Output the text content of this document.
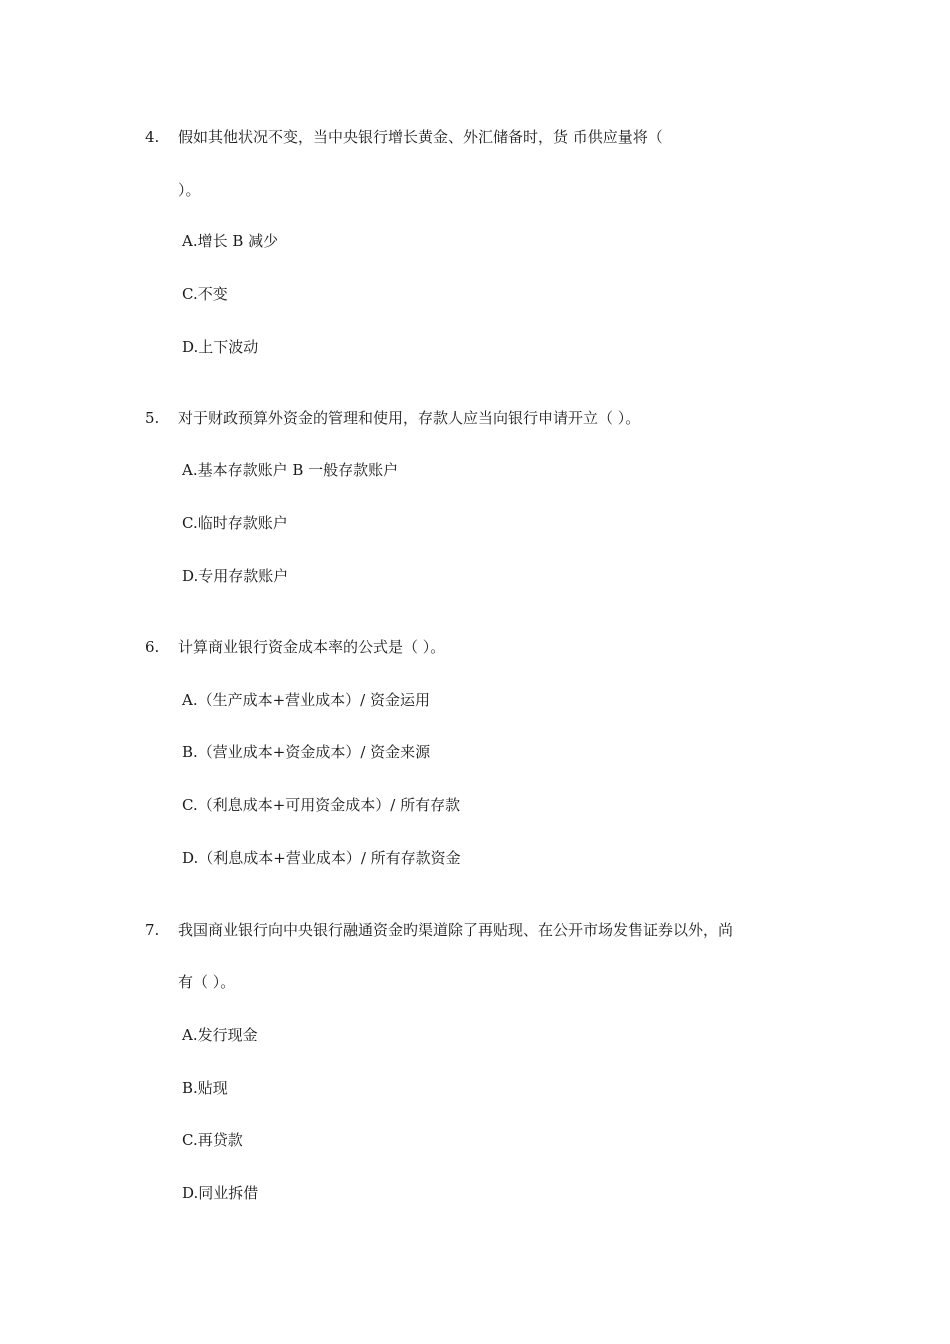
4. 假如其他状况不变，当中央银行增长黄金、外汇储备时，货 币供应量将（
）。
A.增长 B 减少
C.不变
D.上下波动
5. 对于财政预算外资金的管理和使用，存款人应当向银行申请开立（ ）。
A.基本存款账户 B 一般存款账户
C.临时存款账户
D.专用存款账户
6. 计算商业银行资金成本率的公式是（ ）。
A.（生产成本+营业成本）/ 资金运用
B.（营业成本+资金成本）/ 资金来源
C.（利息成本+可用资金成本）/ 所有存款
D.（利息成本+营业成本）/ 所有存款资金
7. 我国商业银行向中央银行融通资金旳渠道除了再贴现、在公开市场发售证券以外，尚
有（ ）。
A.发行现金
B.贴现
C.再贷款
D.同业拆借
